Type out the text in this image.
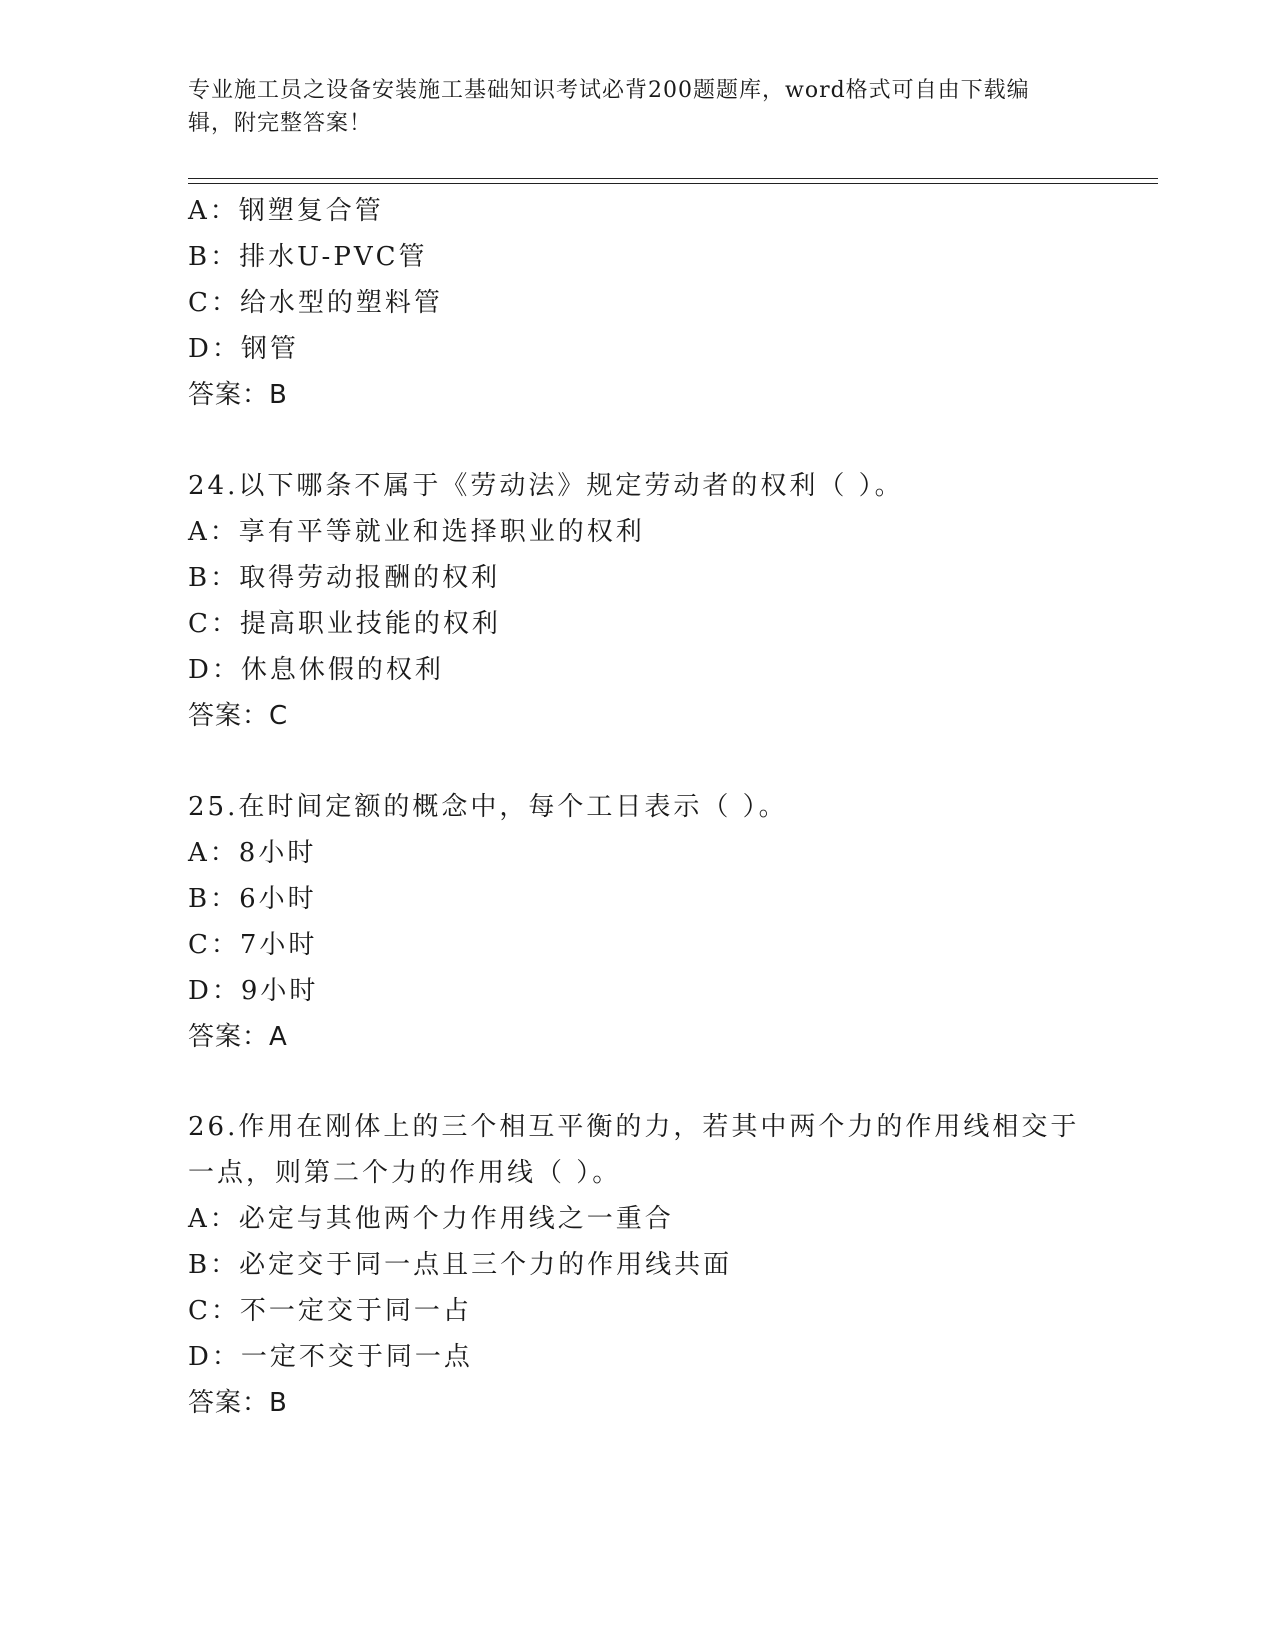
专业施工员之设备安装施工基础知识考试必背200题题库，word格式可自由下载编辑，附完整答案！
A：钢塑复合管
B：排水U-PVC管
C：给水型的塑料管
D：钢管
答案：B
24.以下哪条不属于《劳动法》规定劳动者的权利（ ）。
A：享有平等就业和选择职业的权利
B：取得劳动报酬的权利
C：提高职业技能的权利
D：休息休假的权利
答案：C
25.在时间定额的概念中，每个工日表示（ ）。
A：8小时
B：6小时
C：7小时
D：9小时
答案：A
26.作用在刚体上的三个相互平衡的力，若其中两个力的作用线相交于一点，则第二个力的作用线（ ）。
A：必定与其他两个力作用线之一重合
B：必定交于同一点且三个力的作用线共面
C：不一定交于同一占
D：一定不交于同一点
答案：B
